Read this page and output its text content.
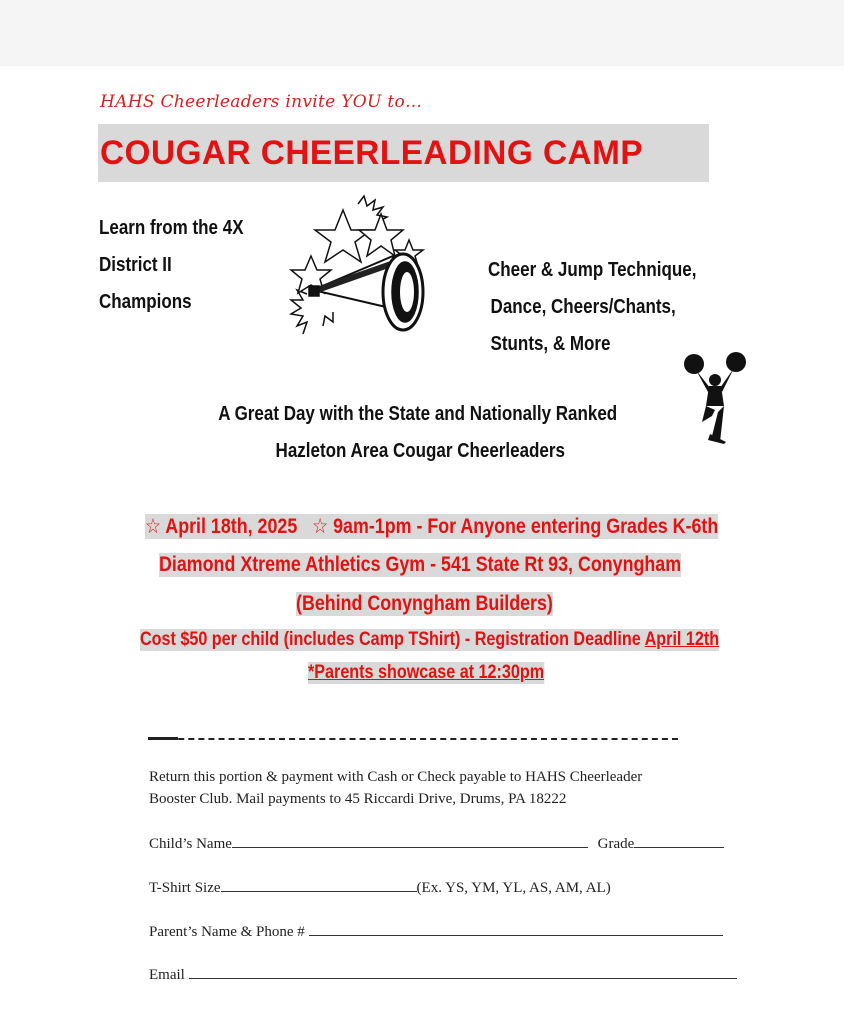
HAHS Cheerleaders invite YOU to…
COUGAR CHEERLEADING CAMP
Learn from the 4X
District II
Champions
Cheer & Jump Technique,
Dance, Cheers/Chants,
Stunts, & More
A Great Day with the State and Nationally Ranked
Hazleton Area Cougar Cheerleaders
☆ April 18th, 2025 ☆ 9am-1pm - For Anyone entering Grades K-6th
Diamond Xtreme Athletics Gym - 541 State Rt 93, Conyngham
(Behind Conyngham Builders)
Cost $50 per child (includes Camp TShirt) - Registration Deadline April 12th
*Parents showcase at 12:30pm
Return this portion & payment with Cash or Check payable to HAHS Cheerleader
Booster Club. Mail payments to 45 Riccardi Drive, Drums, PA 18222
Child’s Name	Grade
T-Shirt Size	(Ex. YS, YM, YL, AS, AM, AL)
Parent’s Name & Phone #
Email
